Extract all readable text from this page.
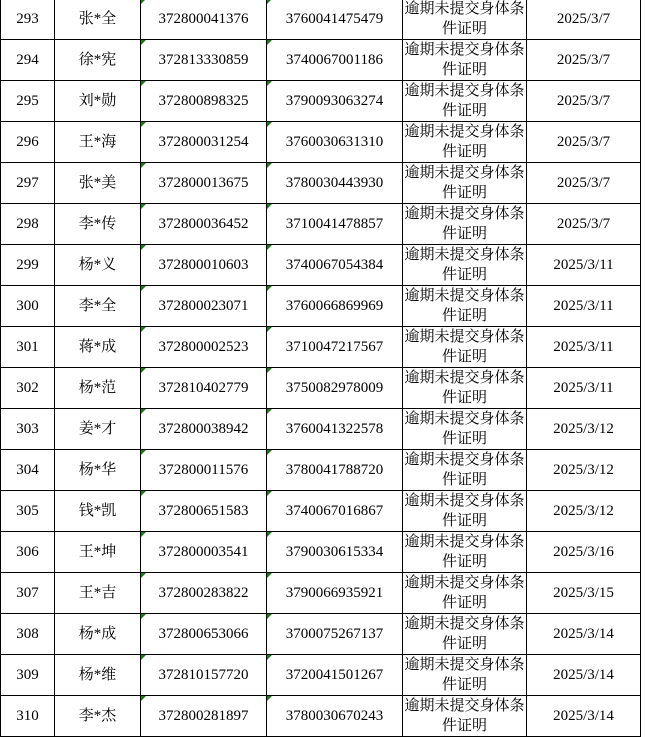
293	张*全	372800041376	3760041475479	逾期未提交身体条件证明	2025/3/7
294	徐*宪	372813330859	3740067001186	逾期未提交身体条件证明	2025/3/7
295	刘*勋	372800898325	3790093063274	逾期未提交身体条件证明	2025/3/7
296	王*海	372800031254	3760030631310	逾期未提交身体条件证明	2025/3/7
297	张*美	372800013675	3780030443930	逾期未提交身体条件证明	2025/3/7
298	李*传	372800036452	3710041478857	逾期未提交身体条件证明	2025/3/7
299	杨*义	372800010603	3740067054384	逾期未提交身体条件证明	2025/3/11
300	李*全	372800023071	3760066869969	逾期未提交身体条件证明	2025/3/11
301	蒋*成	372800002523	3710047217567	逾期未提交身体条件证明	2025/3/11
302	杨*范	372810402779	3750082978009	逾期未提交身体条件证明	2025/3/11
303	姜*才	372800038942	3760041322578	逾期未提交身体条件证明	2025/3/12
304	杨*华	372800011576	3780041788720	逾期未提交身体条件证明	2025/3/12
305	钱*凯	372800651583	3740067016867	逾期未提交身体条件证明	2025/3/12
306	王*坤	372800003541	3790030615334	逾期未提交身体条件证明	2025/3/16
307	王*吉	372800283822	3790066935921	逾期未提交身体条件证明	2025/3/15
308	杨*成	372800653066	3700075267137	逾期未提交身体条件证明	2025/3/14
309	杨*维	372810157720	3720041501267	逾期未提交身体条件证明	2025/3/14
310	李*杰	372800281897	3780030670243	逾期未提交身体条件证明	2025/3/14
